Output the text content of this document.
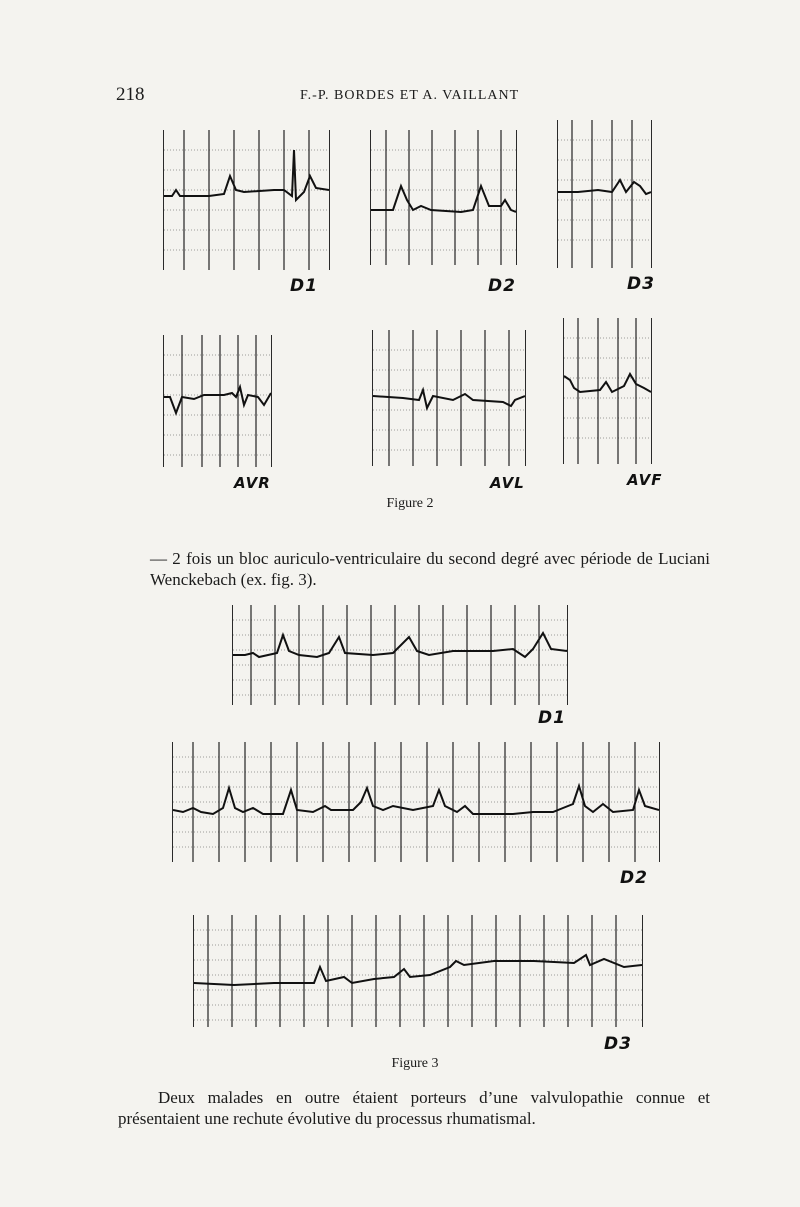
218	F.-P. BORDES ET A. VAILLANT
D1	D2	D3
AVR	AVL	AVF
Figure 2
— 2 fois un bloc auriculo-ventriculaire du second degré avec période de Luciani Wenckebach (ex. fig. 3).
D1
D2
D3
Figure 3
Deux malades en outre étaient porteurs d’une valvulopathie connue et présentaient une rechute évolutive du processus rhumatismal.
